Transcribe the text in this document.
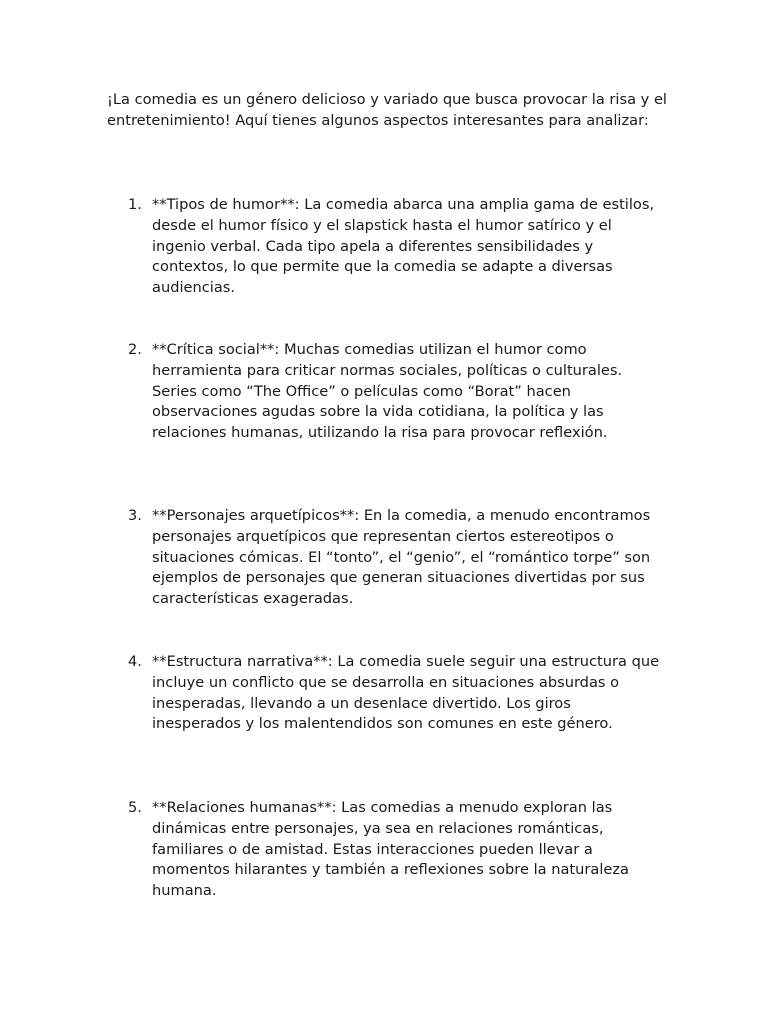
¡La comedia es un género delicioso y variado que busca provocar la risa y el entretenimiento! Aquí tienes algunos aspectos interesantes para analizar:

1. **Tipos de humor**: La comedia abarca una amplia gama de estilos, desde el humor físico y el slapstick hasta el humor satírico y el ingenio verbal. Cada tipo apela a diferentes sensibilidades y contextos, lo que permite que la comedia se adapte a diversas audiencias.
2. **Crítica social**: Muchas comedias utilizan el humor como herramienta para criticar normas sociales, políticas o culturales. Series como “The Office” o películas como “Borat” hacen observaciones agudas sobre la vida cotidiana, la política y las relaciones humanas, utilizando la risa para provocar reflexión.
3. **Personajes arquetípicos**: En la comedia, a menudo encontramos personajes arquetípicos que representan ciertos estereotipos o situaciones cómicas. El “tonto”, el “genio”, el “romántico torpe” son ejemplos de personajes que generan situaciones divertidas por sus características exageradas.
4. **Estructura narrativa**: La comedia suele seguir una estructura que incluye un conflicto que se desarrolla en situaciones absurdas o inesperadas, llevando a un desenlace divertido. Los giros inesperados y los malentendidos son comunes en este género.
5. **Relaciones humanas**: Las comedias a menudo exploran las dinámicas entre personajes, ya sea en relaciones románticas, familiares o de amistad. Estas interacciones pueden llevar a momentos hilarantes y también a reflexiones sobre la naturaleza humana.
